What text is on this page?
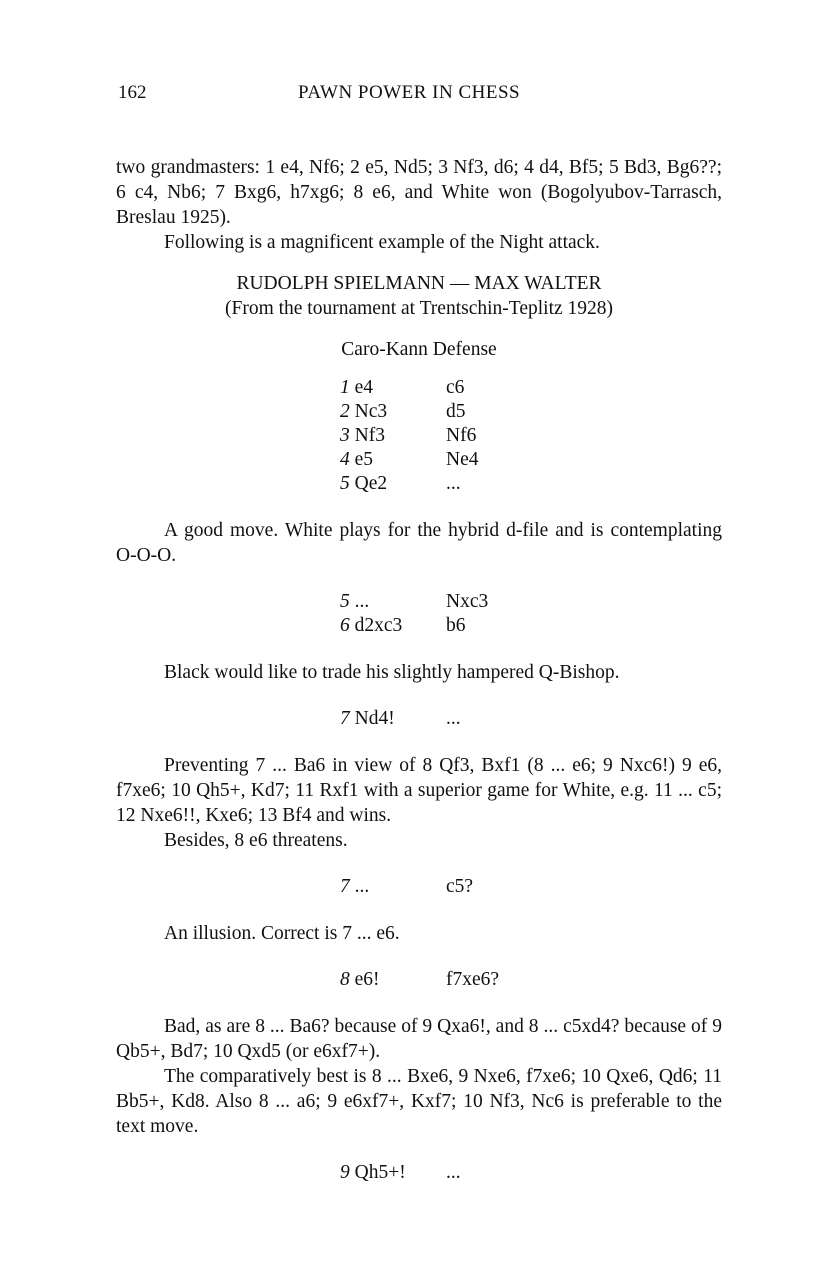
162	PAWN POWER IN CHESS

two grandmasters: 1 e4, Nf6; 2 e5, Nd5; 3 Nf3, d6; 4 d4, Bf5; 5 Bd3, Bg6??; 6 c4, Nb6; 7 Bxg6, h7xg6; 8 e6, and White won (Bogolyubov-Tarrasch, Breslau 1925).

Following is a magnificent example of the Night attack.

RUDOLPH SPIELMANN — MAX WALTER
(From the tournament at Trentschin-Teplitz 1928)
Caro-Kann Defense
1 e4	c6
2 Nc3	d5
3 Nf3	Nf6
4 e5	Ne4
5 Qe2	...

A good move. White plays for the hybrid d-file and is contemplating O-O-O.

5 ...	Nxc3
6 d2xc3	b6

Black would like to trade his slightly hampered Q-Bishop.

7 Nd4!	...

Preventing 7 ... Ba6 in view of 8 Qf3, Bxf1 (8 ... e6; 9 Nxc6!) 9 e6, f7xe6; 10 Qh5+, Kd7; 11 Rxf1 with a superior game for White, e.g. 11 ... c5; 12 Nxe6!!, Kxe6; 13 Bf4 and wins.

Besides, 8 e6 threatens.

7 ...	c5?

An illusion. Correct is 7 ... e6.

8 e6!	f7xe6?

Bad, as are 8 ... Ba6? because of 9 Qxa6!, and 8 ... c5xd4? because of 9 Qb5+, Bd7; 10 Qxd5 (or e6xf7+).

The comparatively best is 8 ... Bxe6, 9 Nxe6, f7xe6; 10 Qxe6, Qd6; 11 Bb5+, Kd8. Also 8 ... a6; 9 e6xf7+, Kxf7; 10 Nf3, Nc6 is preferable to the text move.

9 Qh5+!	...
